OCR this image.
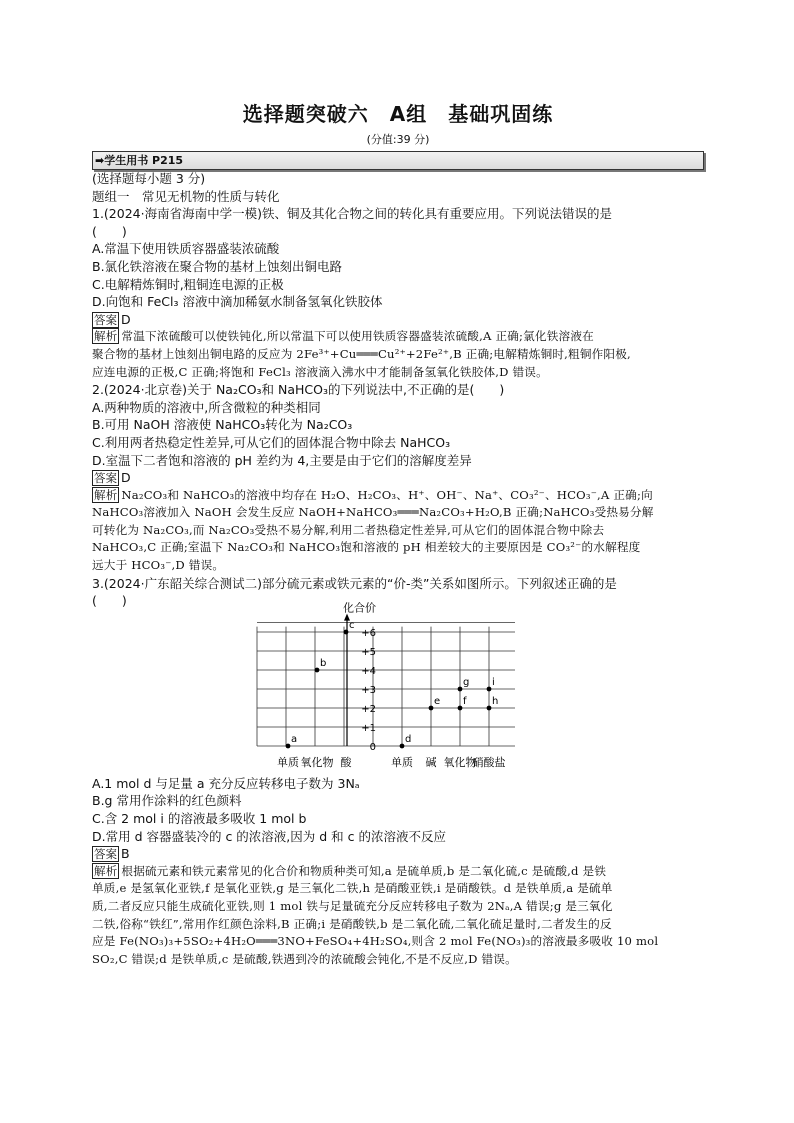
选择题突破六　A组　基础巩固练
(分值:39 分)
➡学生用书 P215
(选择题每小题 3 分)
题组一　常见无机物的性质与转化
1.(2024·海南省海南中学一模)铁、铜及其化合物之间的转化具有重要应用。下列说法错误的是
(　　)
A.常温下使用铁质容器盛装浓硫酸
B.氯化铁溶液在聚合物的基材上蚀刻出铜电路
C.电解精炼铜时,粗铜连电源的正极
D.向饱和 FeCl₃ 溶液中滴加稀氨水制备氢氧化铁胶体
答案 D
解析 常温下浓硫酸可以使铁钝化,所以常温下可以使用铁质容器盛装浓硫酸,A 正确;氯化铁溶液在
聚合物的基材上蚀刻出铜电路的反应为 2Fe³⁺+Cu═══Cu²⁺+2Fe²⁺,B 正确;电解精炼铜时,粗铜作阳极,
应连电源的正极,C 正确;将饱和 FeCl₃ 溶液滴入沸水中才能制备氢氧化铁胶体,D 错误。
2.(2024·北京卷)关于 Na₂CO₃和 NaHCO₃的下列说法中,不正确的是(　　)
A.两种物质的溶液中,所含微粒的种类相同
B.可用 NaOH 溶液使 NaHCO₃转化为 Na₂CO₃
C.利用两者热稳定性差异,可从它们的固体混合物中除去 NaHCO₃
D.室温下二者饱和溶液的 pH 差约为 4,主要是由于它们的溶解度差异
答案 D
解析 Na₂CO₃和 NaHCO₃的溶液中均存在 H₂O、H₂CO₃、H⁺、OH⁻、Na⁺、CO₃²⁻、HCO₃⁻,A 正确;向
NaHCO₃溶液加入 NaOH 会发生反应 NaOH+NaHCO₃═══Na₂CO₃+H₂O,B 正确;NaHCO₃受热易分解
可转化为 Na₂CO₃,而 Na₂CO₃受热不易分解,利用二者热稳定性差异,可从它们的固体混合物中除去
NaHCO₃,C 正确;室温下 Na₂CO₃和 NaHCO₃饱和溶液的 pH 相差较大的主要原因是 CO₃²⁻的水解程度
远大于 HCO₃⁻,D 错误。
3.(2024·广东韶关综合测试二)部分硫元素或铁元素的“价-类”关系如图所示。下列叙述正确的是
(　　)	化合价
0
+1
+2
+3
+4
+5
+6
单质 氧化物 酸	单质 碱 氧化物
硝酸盐
a
b
c
d
e f
g
h
i
A.1 mol d 与足量 a 充分反应转移电子数为 3Nₐ
B.g 常用作涂料的红色颜料
C.含 2 mol i 的溶液最多吸收 1 mol b
D.常用 d 容器盛装冷的 c 的浓溶液,因为 d 和 c 的浓溶液不反应
答案 B
解析 根据硫元素和铁元素常见的化合价和物质种类可知,a 是硫单质,b 是二氧化硫,c 是硫酸,d 是铁
单质,e 是氢氧化亚铁,f 是氧化亚铁,g 是三氧化二铁,h 是硝酸亚铁,i 是硝酸铁。d 是铁单质,a 是硫单
质,二者反应只能生成硫化亚铁,则 1 mol 铁与足量硫充分反应转移电子数为 2Nₐ,A 错误;g 是三氧化
二铁,俗称“铁红”,常用作红颜色涂料,B 正确;i 是硝酸铁,b 是二氧化硫,二氧化硫足量时,二者发生的反
应是 Fe(NO₃)₃+5SO₂+4H₂O═══3NO+FeSO₄+4H₂SO₄,则含 2 mol Fe(NO₃)₃的溶液最多吸收 10 mol
SO₂,C 错误;d 是铁单质,c 是硫酸,铁遇到冷的浓硫酸会钝化,不是不反应,D 错误。
